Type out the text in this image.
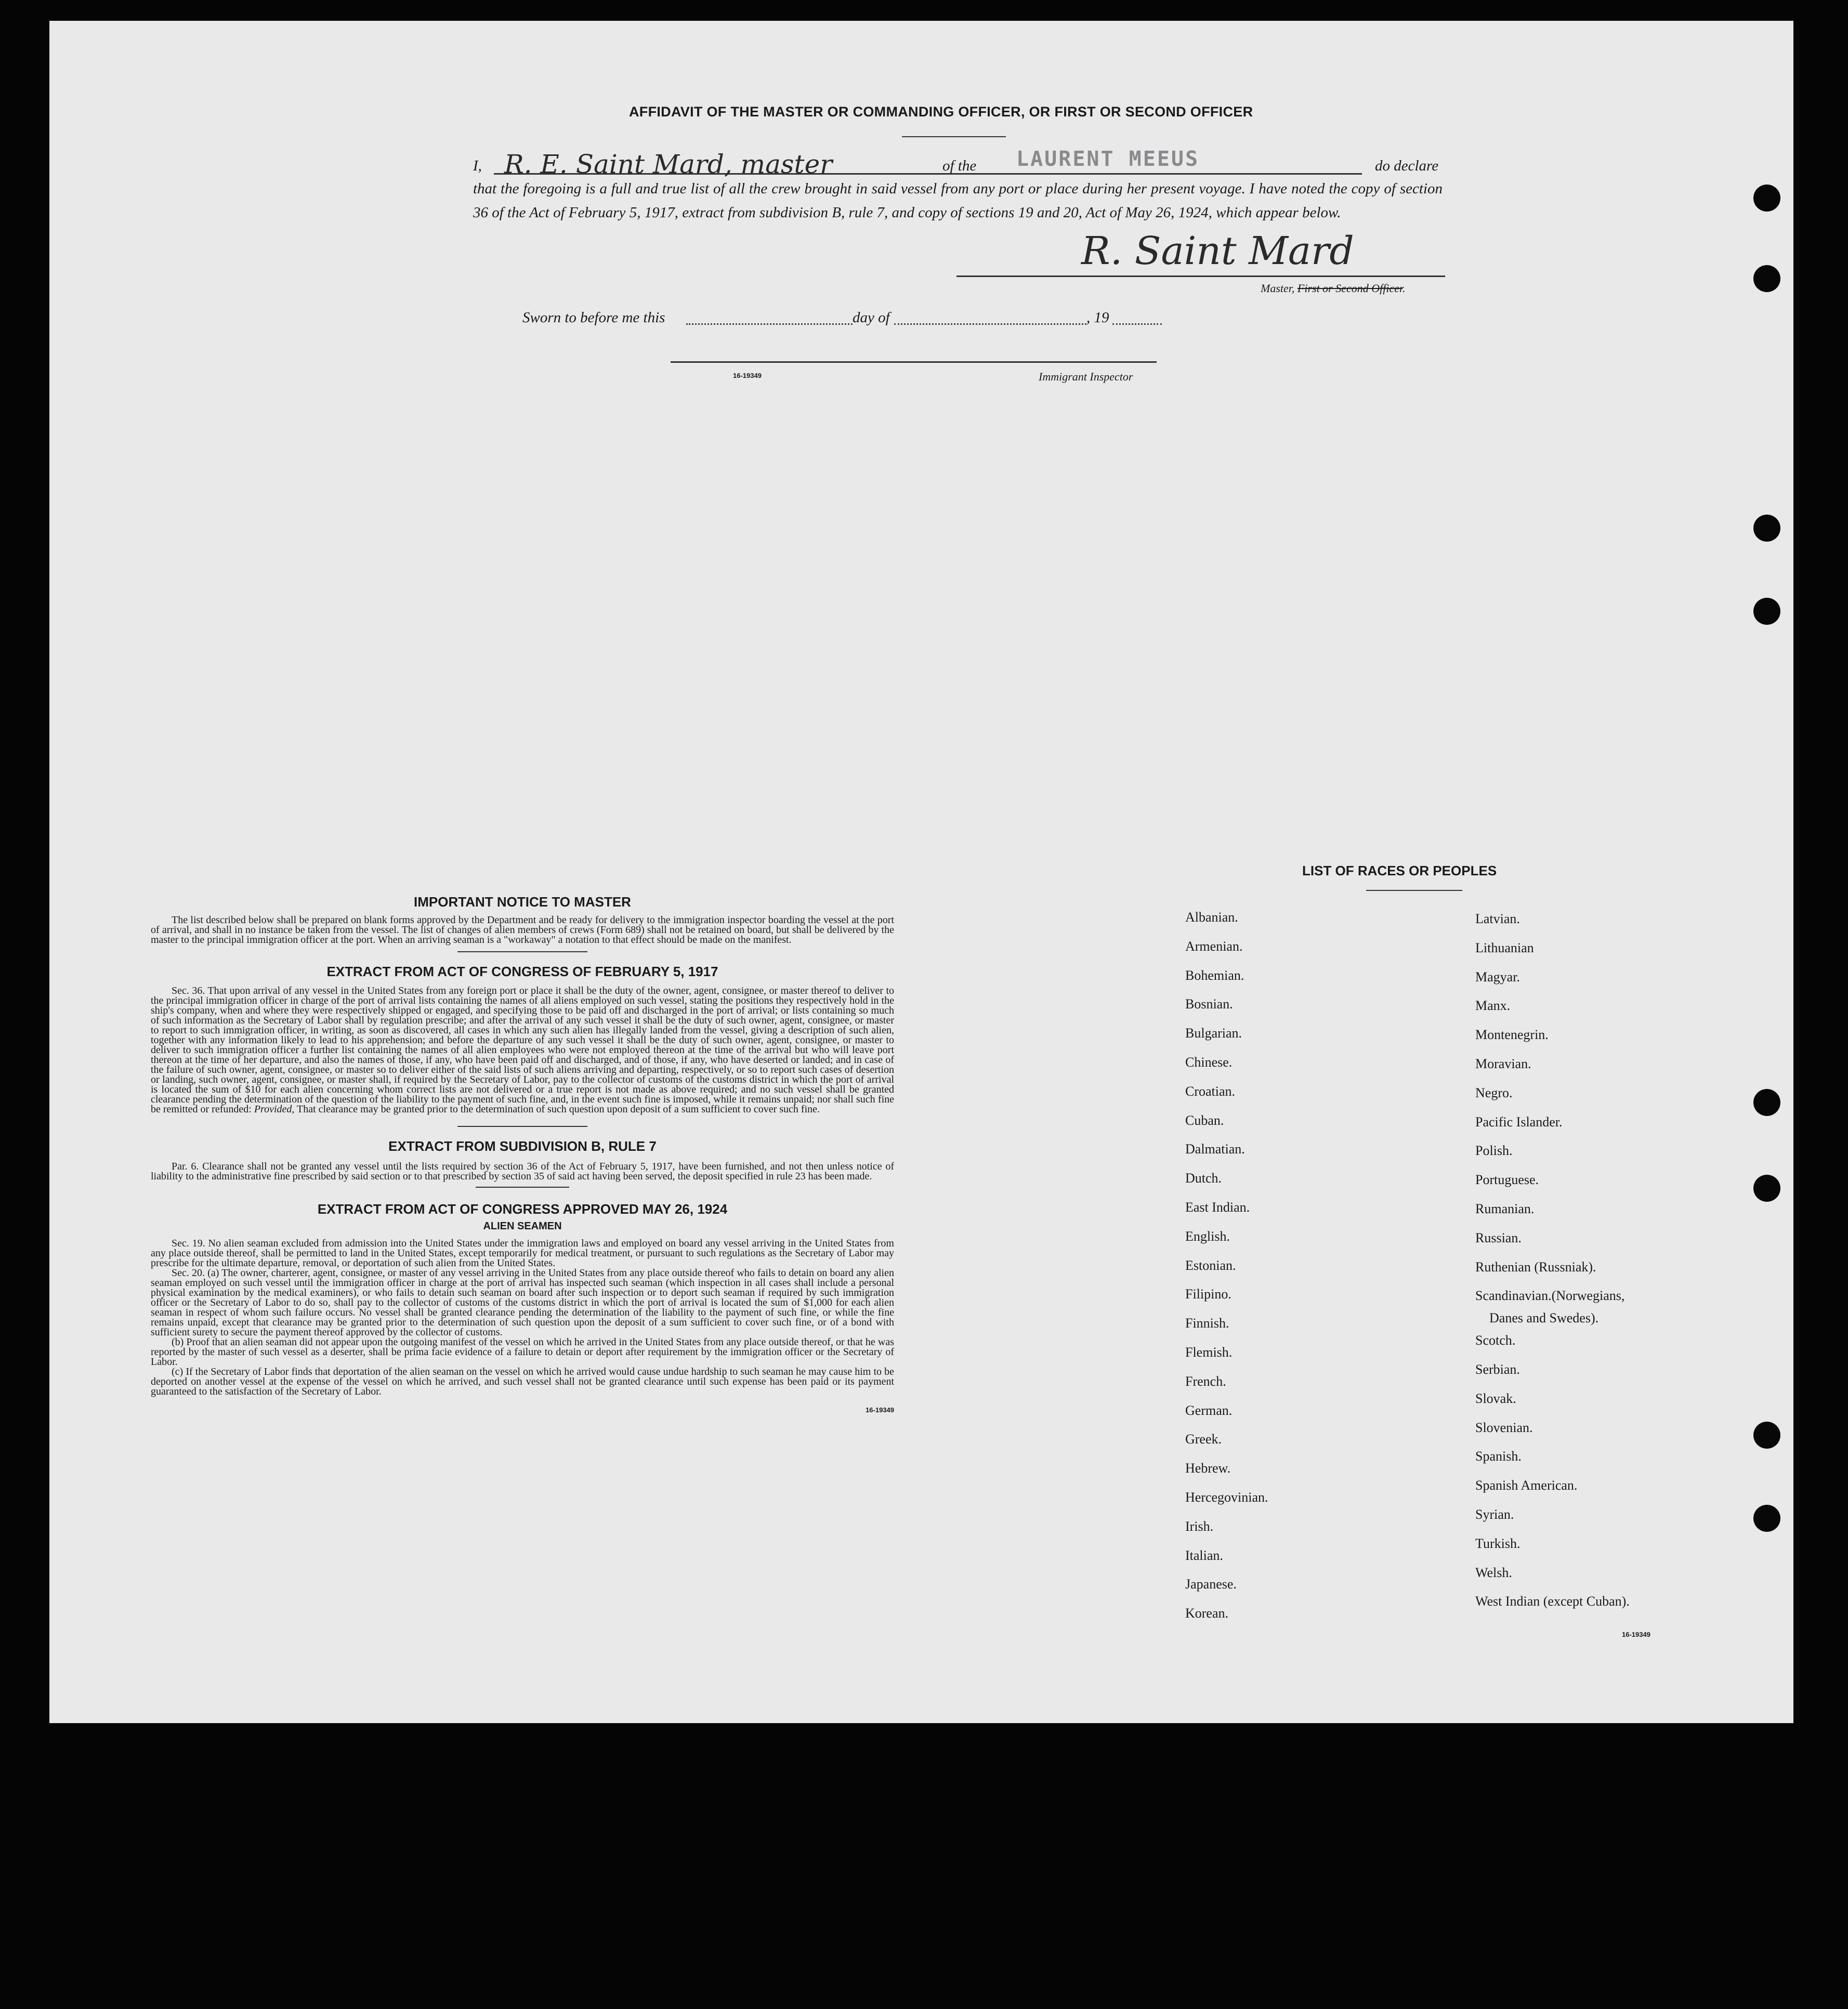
AFFIDAVIT OF THE MASTER OR COMMANDING OFFICER, OR FIRST OR SECOND OFFICER
I, R. E. Saint Mard, master	of the LAURENT MEEUS	do declare
that the foregoing is a full and true list of all the crew brought in said vessel from any port or place during her present voyage. I have noted the copy of section 36 of the Act of February 5, 1917, extract from subdivision B, rule 7, and copy of sections 19 and 20, Act of May 26, 1924, which appear below.
R. Saint Mard
Master, First or Second Officer.
Sworn to before me this	day of	, 19
16-19349	Immigrant Inspector
IMPORTANT NOTICE TO MASTER
The list described below shall be prepared on blank forms approved by the Department and be ready for delivery to the immigration inspector boarding the vessel at the port of arrival, and shall in no instance be taken from the vessel. The list of changes of alien members of crews (Form 689) shall not be retained on board, but shall be delivered by the master to the principal immigration officer at the port. When an arriving seaman is a "workaway" a notation to that effect should be made on the manifest.
EXTRACT FROM ACT OF CONGRESS OF FEBRUARY 5, 1917
Sec. 36. That upon arrival of any vessel in the United States from any foreign port or place it shall be the duty of the owner, agent, consignee, or master thereof to deliver to the principal immigration officer in charge of the port of arrival lists containing the names of all aliens employed on such vessel, stating the positions they respectively hold in the ship's company, when and where they were respectively shipped or engaged, and specifying those to be paid off and discharged in the port of arrival; or lists containing so much of such information as the Secretary of Labor shall by regulation prescribe; and after the arrival of any such vessel it shall be the duty of such owner, agent, consignee, or master to report to such immigration officer, in writing, as soon as discovered, all cases in which any such alien has illegally landed from the vessel, giving a description of such alien, together with any information likely to lead to his apprehension; and before the departure of any such vessel it shall be the duty of such owner, agent, consignee, or master to deliver to such immigration officer a further list containing the names of all alien employees who were not employed thereon at the time of the arrival but who will leave port thereon at the time of her departure, and also the names of those, if any, who have been paid off and discharged, and of those, if any, who have deserted or landed; and in case of the failure of such owner, agent, consignee, or master so to deliver either of the said lists of such aliens arriving and departing, respectively, or so to report such cases of desertion or landing, such owner, agent, consignee, or master shall, if required by the Secretary of Labor, pay to the collector of customs of the customs district in which the port of arrival is located the sum of $10 for each alien concerning whom correct lists are not delivered or a true report is not made as above required; and no such vessel shall be granted clearance pending the determination of the question of the liability to the payment of such fine, and, in the event such fine is imposed, while it remains unpaid; nor shall such fine be remitted or refunded: Provided, That clearance may be granted prior to the determination of such question upon deposit of a sum sufficient to cover such fine.
EXTRACT FROM SUBDIVISION B, RULE 7
Par. 6. Clearance shall not be granted any vessel until the lists required by section 36 of the Act of February 5, 1917, have been furnished, and not then unless notice of liability to the administrative fine prescribed by said section or to that prescribed by section 35 of said act having been served, the deposit specified in rule 23 has been made.
EXTRACT FROM ACT OF CONGRESS APPROVED MAY 26, 1924
ALIEN SEAMEN
Sec. 19. No alien seaman excluded from admission into the United States under the immigration laws and employed on board any vessel arriving in the United States from any place outside thereof, shall be permitted to land in the United States, except temporarily for medical treatment, or pursuant to such regulations as the Secretary of Labor may prescribe for the ultimate departure, removal, or deportation of such alien from the United States.
Sec. 20. (a) The owner, charterer, agent, consignee, or master of any vessel arriving in the United States from any place outside thereof who fails to detain on board any alien seaman employed on such vessel until the immigration officer in charge at the port of arrival has inspected such seaman (which inspection in all cases shall include a personal physical examination by the medical examiners), or who fails to detain such seaman on board after such inspection or to deport such seaman if required by such immigration officer or the Secretary of Labor to do so, shall pay to the collector of customs of the customs district in which the port of arrival is located the sum of $1,000 for each alien seaman in respect of whom such failure occurs. No vessel shall be granted clearance pending the determination of the liability to the payment of such fine, or while the fine remains unpaid, except that clearance may be granted prior to the determination of such question upon the deposit of a sum sufficient to cover such fine, or of a bond with sufficient surety to secure the payment thereof approved by the collector of customs.
(b) Proof that an alien seaman did not appear upon the outgoing manifest of the vessel on which he arrived in the United States from any place outside thereof, or that he was reported by the master of such vessel as a deserter, shall be prima facie evidence of a failure to detain or deport after requirement by the immigration officer or the Secretary of Labor.
(c) If the Secretary of Labor finds that deportation of the alien seaman on the vessel on which he arrived would cause undue hardship to such seaman he may cause him to be deported on another vessel at the expense of the vessel on which he arrived, and such vessel shall not be granted clearance until such expense has been paid or its payment guaranteed to the satisfaction of the Secretary of Labor.
16-19349
LIST OF RACES OR PEOPLES
Albanian.
Armenian.
Bohemian.
Bosnian.
Bulgarian.
Chinese.
Croatian.
Cuban.
Dalmatian.
Dutch.
East Indian.
English.
Estonian.
Filipino.
Finnish.
Flemish.
French.
German.
Greek.
Hebrew.
Hercegovinian.
Irish.
Italian.
Japanese.
Korean.
Latvian.
Lithuanian
Magyar.
Manx.
Montenegrin.
Moravian.
Negro.
Pacific Islander.
Polish.
Portuguese.
Rumanian.
Russian.
Ruthenian (Russniak).
Scandinavian.(Norwegians,
Scotch.
Serbian.
Slovak.
Slovenian.
Spanish.
Spanish American.
Syrian.
Turkish.
Welsh.
West Indian (except Cuban).
Danes and Swedes).
16-19349
